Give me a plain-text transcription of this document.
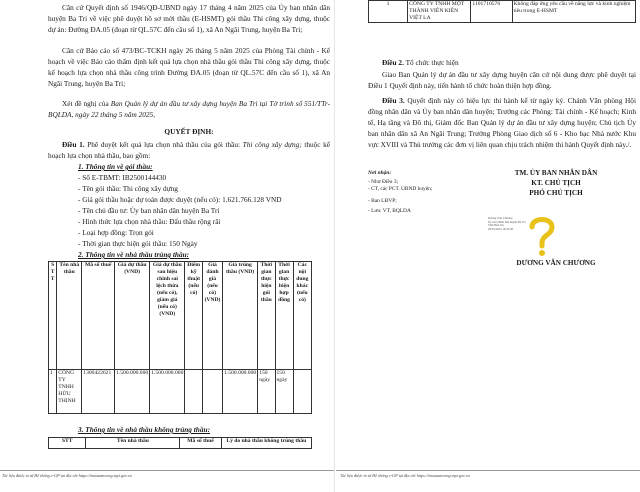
Căn cứ Quyết định số 1946/QĐ-UBND ngày 17 tháng 4 năm 2025 của Ủy ban nhân dân huyện Ba Tri về việc phê duyệt hồ sơ mời thầu (E-HSMT) gói thầu Thi công xây dựng, thuộc dự án: Đường ĐA.05 (đoạn từ QL.57C đến cầu số 1), xã An Ngãi Trung, huyện Ba Tri;

Căn cứ Báo cáo số 473/BC-TCKH ngày 26 tháng 5 năm 2025 của Phòng Tài chính - Kế hoạch về việc Báo cáo thẩm định kết quả lựa chọn nhà thầu gói thầu Thi công xây dựng, thuộc kế hoạch lựa chọn nhà thầu công trình Đường ĐA.05 (đoạn từ QL.57C đến cầu số 1), xã An Ngãi Trung, huyện Ba Tri;

Xét đề nghị của Ban Quản lý dự án đầu tư xây dựng huyện Ba Tri tại Tờ trình số 551/TTr-BQLDA, ngày 22 tháng 5 năm 2025,

QUYẾT ĐỊNH:

Điều 1. Phê duyệt kết quả lựa chọn nhà thầu của gói thầu: Thi công xây dựng; thuộc kế hoạch lựa chọn nhà thầu, bao gồm:

1. Thông tin về gói thầu:

- Số E-TBMT: IB2500144430

- Tên gói thầu: Thi công xây dựng

- Giá gói thầu hoặc dự toán được duyệt (nếu có): 1.621.766.128 VND

- Tên chủ đầu tư: Ủy ban nhân dân huyện Ba Tri

- Hình thức lựa chọn nhà thầu: Đấu thầu rộng rãi

- Loại hợp đồng: Trọn gói

- Thời gian thực hiện gói thầu: 150 Ngày

2. Thông tin về nhà thầu trúng thầu:

S T T	Tên nhà thầu	Mã số thuế	Giá dự thầu (VND)	Giá dự thầu sau hiệu chỉnh sai lệch thừa (nếu có), giảm giá (nếu có) (VND)	Điểm kỹ thuật (nếu có)	Giá đánh giá (nếu có) (VND)	Giá trúng thầu (VND)	Thời gian thực hiện gói thầu	Thời gian thực hiện hợp đồng	Các nội dung khác (nếu có)
1	CÔNG TY TNHH HỮU THỊNH	1300422621	1.500.000.000	1.500.000.000			1.500.000.000	150 ngày	150 ngày	

3. Thông tin về nhà thầu không trúng thầu:

STT	Tên nhà thầu	Mã số thuế	Lý do nhà thầu không trúng thầu

Tài liệu được in từ Hệ thống e-GP tại địa chỉ https://muasamcong.mpi.gov.vn

1	CÔNG TY TNHH MỘT THÀNH VIÊN KIÊN VIỆT LA	1101710576	Không đáp ứng yêu cầu về năng lực và kinh nghiệm tiêu trong E-HSMT

Điều 2. Tổ chức thực hiện

Giao Ban Quản lý dự án đầu tư xây dựng huyện căn cứ nội dung được phê duyệt tại Điều 1 Quyết định này, tiến hành tổ chức hoàn thiện hợp đồng.

Điều 3. Quyết định này có hiệu lực thi hành kể từ ngày ký. Chánh Văn phòng Hội đồng nhân dân và Ủy ban nhân dân huyện; Trưởng các Phòng: Tài chính - Kế hoạch; Kinh tế, Hạ tầng và Đô thị, Giám đốc Ban Quản lý dự án đầu tư xây dựng huyện; Chủ tịch Ủy ban nhân dân xã An Ngãi Trung; Trưởng Phòng Giao dịch số 6 - Kho bạc Nhà nước Khu vực XVIII và Thủ trưởng các đơn vị liên quan chịu trách nhiệm thi hành Quyết định này./.

Nơi nhận:

- Như Điều 3;

- CT, các PCT. UBND huyện;

- Ban LĐVP;

- Lưu: VT, BQLDA

TM. ỦY BAN NHÂN DÂN

KT. CHỦ TỊCH

PHÓ CHỦ TỊCH

Dương Văn Chương
Ủy ban Nhân dân huyện Ba Tri
Tỉnh Bến Tre
28/05/2025 16:32:40

DƯƠNG VĂN CHƯƠNG

Tài liệu được in từ Hệ thống e-GP tại địa chỉ https://muasamcong.mpi.gov.vn
